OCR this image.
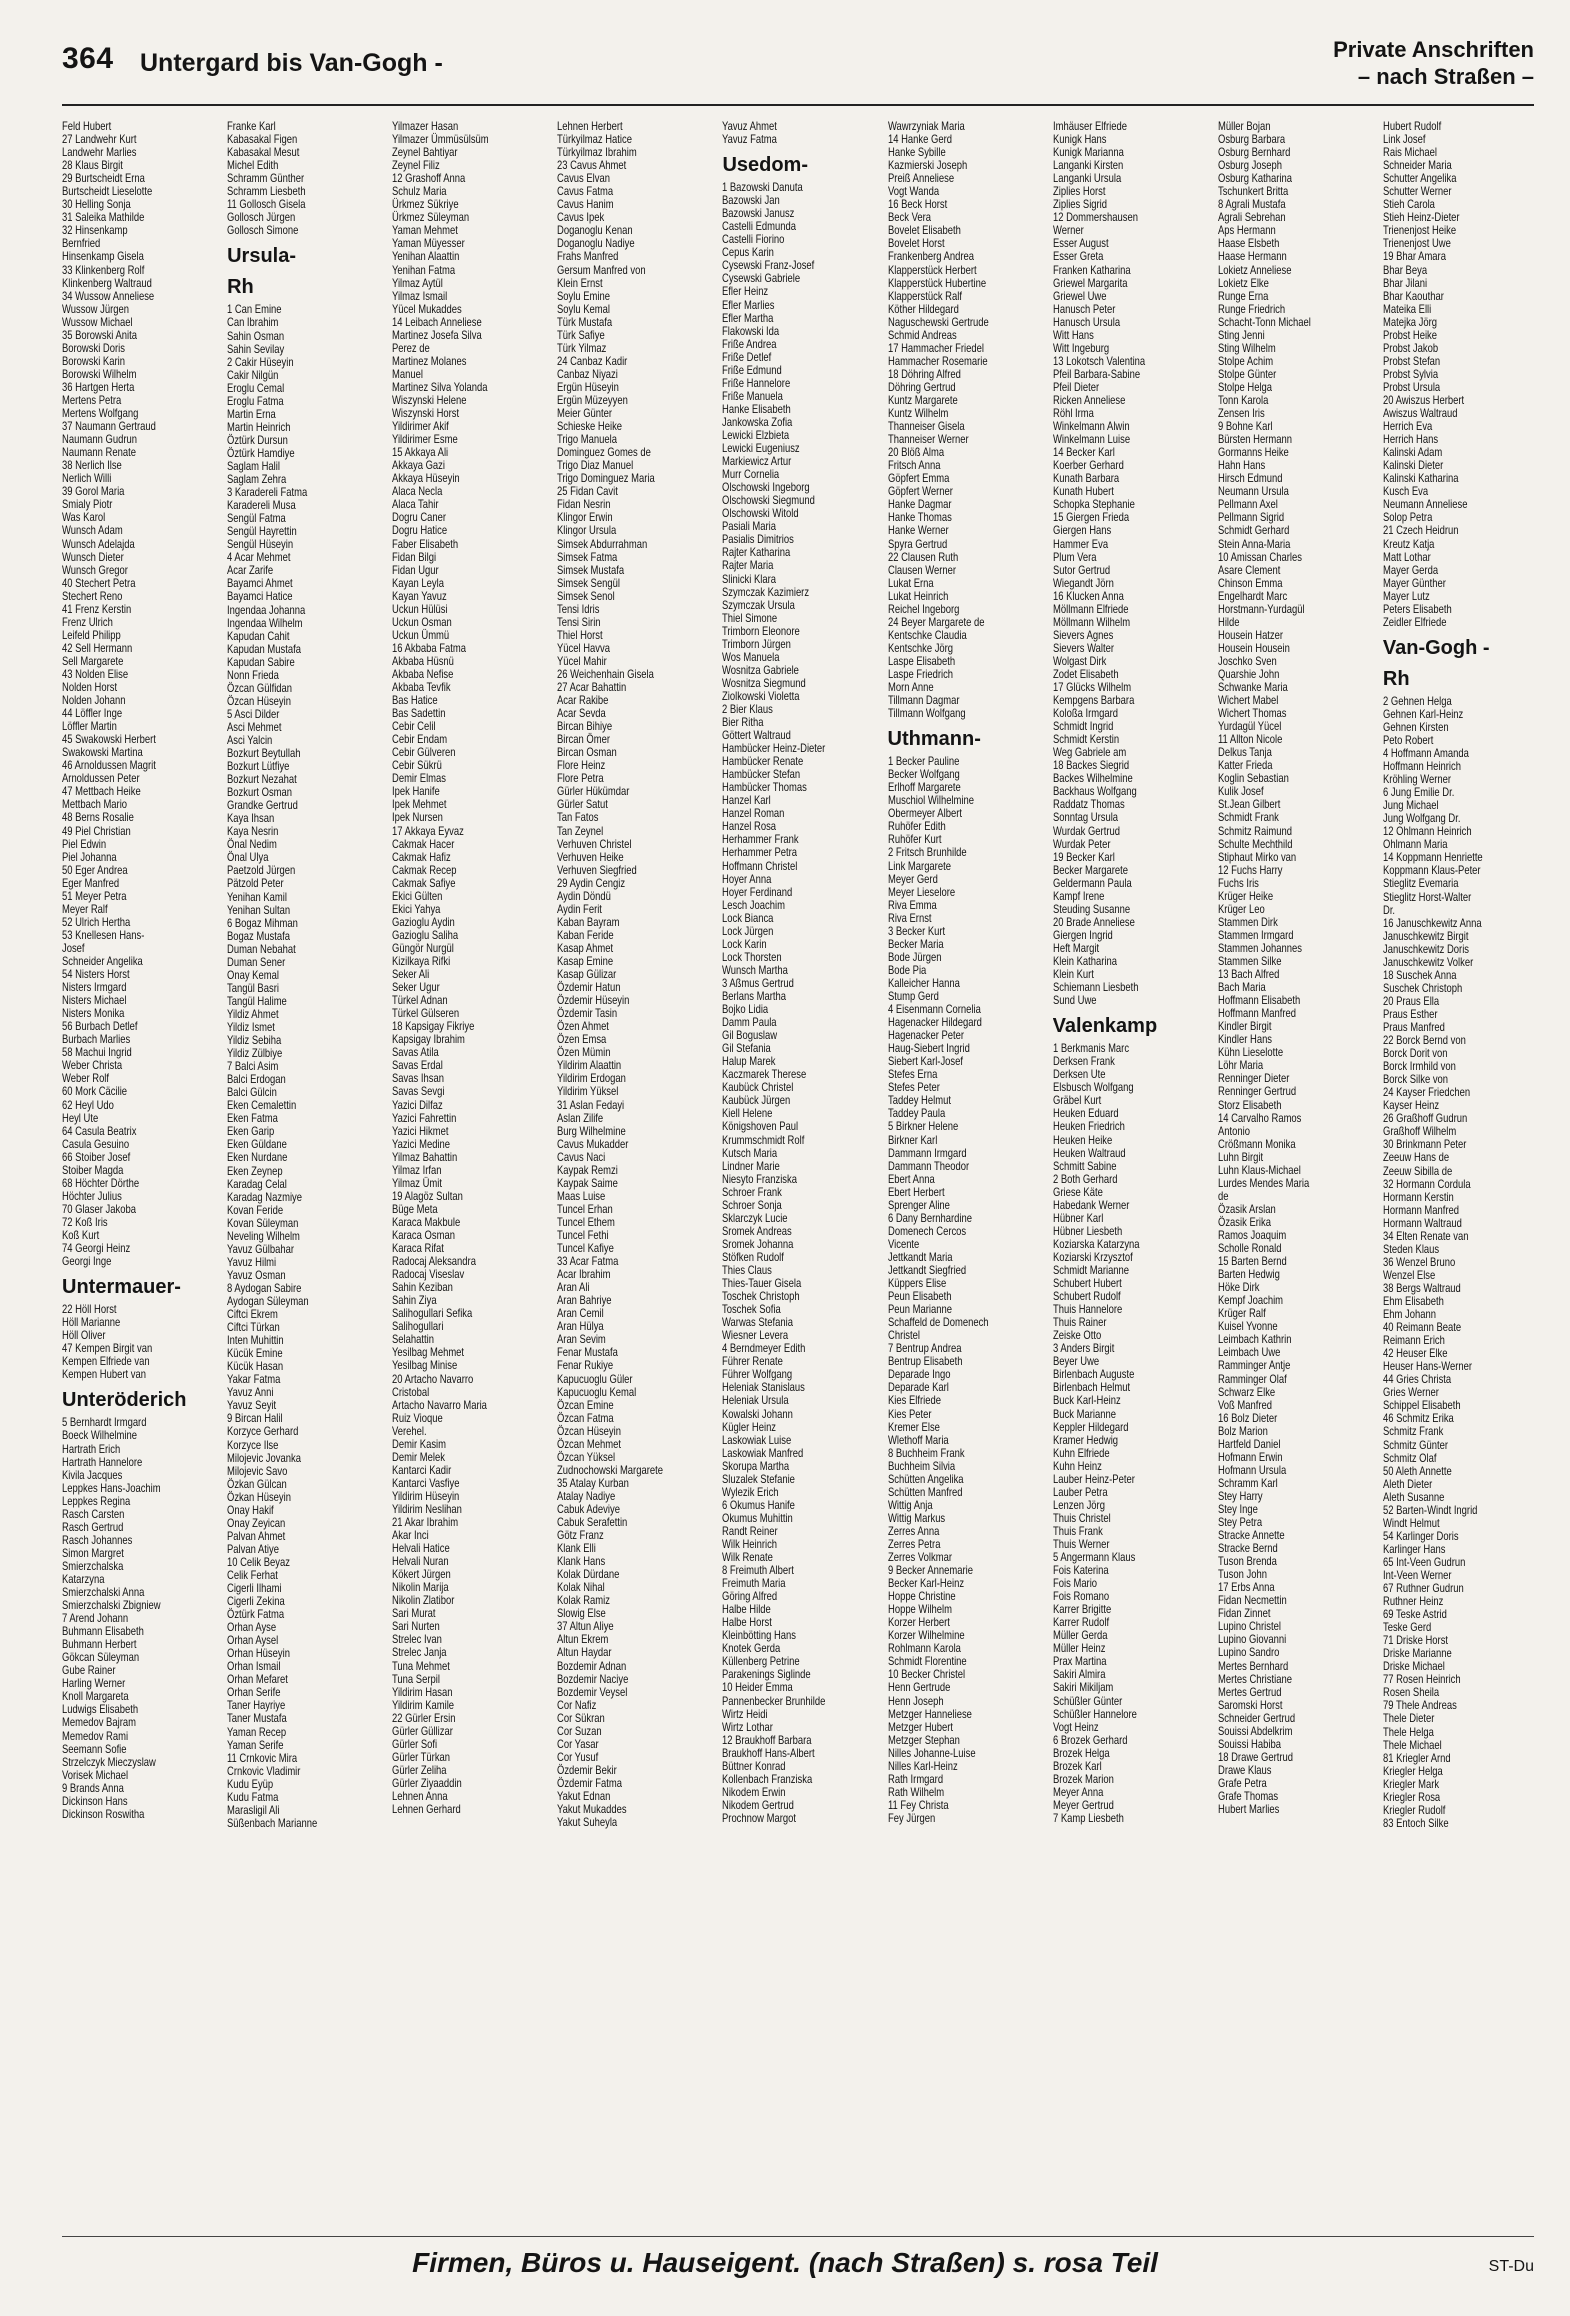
364 Untergard bis Van-Gogh -	Private Anschriften
– nach Straßen –
Feld Hubert
27 Landwehr Kurt
Landwehr Marlies
28 Klaus Birgit
29 Burtscheidt Erna
Burtscheidt Lieselotte
30 Helling Sonja
31 Saleika Mathilde
32 Hinsenkamp
Bernfried
Hinsenkamp Gisela
33 Klinkenberg Rolf
Klinkenberg Waltraud
34 Wussow Anneliese
Wussow Jürgen
Wussow Michael
35 Borowski Anita
Borowski Doris
Borowski Karin
Borowski Wilhelm
36 Hartgen Herta
Mertens Petra
Mertens Wolfgang
37 Naumann Gertraud
Naumann Gudrun
Naumann Renate
38 Nerlich Ilse
Nerlich Willi
39 Gorol Maria
Smialy Piotr
Was Karol
Wunsch Adam
Wunsch Adelajda
Wunsch Dieter
Wunsch Gregor
40 Stechert Petra
Stechert Reno
41 Frenz Kerstin
Frenz Ulrich
Leifeld Philipp
42 Sell Hermann
Sell Margarete
43 Nolden Elise
Nolden Horst
Nolden Johann
44 Löffler Inge
Löffler Martin
45 Swakowski Herbert
Swakowski Martina
46 Arnoldussen Magrit
Arnoldussen Peter
47 Mettbach Heike
Mettbach Mario
48 Berns Rosalie
49 Piel Christian
Piel Edwin
Piel Johanna
50 Eger Andrea
Eger Manfred
51 Meyer Petra
Meyer Ralf
52 Ulrich Hertha
53 Knellesen Hans-
Josef
Schneider Angelika
54 Nisters Horst
Nisters Irmgard
Nisters Michael
Nisters Monika
56 Burbach Detlef
Burbach Marlies
58 Machui Ingrid
Weber Christa
Weber Rolf
60 Mork Cäcilie
62 Heyl Udo
Heyl Ute
64 Casula Beatrix
Casula Gesuino
66 Stoiber Josef
Stoiber Magda
68 Höchter Dörthe
Höchter Julius
70 Glaser Jakoba
72 Koß Iris
Koß Kurt
74 Georgi Heinz
Georgi Inge
Untermauer-
22 Höll Horst
Höll Marianne
Höll Oliver
47 Kempen Birgit van
Kempen Elfriede van
Kempen Hubert van
Unteröderich
5 Bernhardt Irmgard
Boeck Wilhelmine
Hartrath Erich
Hartrath Hannelore
Kivila Jacques
Leppkes Hans-Joachim
Leppkes Regina
Rasch Carsten
Rasch Gertrud
Rasch Johannes
Simon Margret
Smierzchalska
Katarzyna
Smierzchalski Anna
Smierzchalski Zbigniew
7 Arend Johann
Buhmann Elisabeth
Buhmann Herbert
Gökcan Süleyman
Gube Rainer
Harling Werner
Knoll Margareta
Ludwigs Elisabeth
Memedov Bajram
Memedov Rami
Seemann Sofie
Strzelczyk Mieczyslaw
Vorisek Michael
9 Brands Anna
Dickinson Hans
Dickinson Roswitha
Franke Karl
Kabasakal Figen
Kabasakal Mesut
Michel Edith
Schramm Günther
Schramm Liesbeth
11 Gollosch Gisela
Gollosch Jürgen
Gollosch Simone
Ursula-
Rh
1 Can Emine
Can Ibrahim
Sahin Osman
Sahin Sevilay
2 Cakir Hüseyin
Cakir Nilgün
Eroglu Cemal
Eroglu Fatma
Martin Erna
Martin Heinrich
Öztürk Dursun
Öztürk Hamdiye
Saglam Halil
Saglam Zehra
3 Karadereli Fatma
Karadereli Musa
Sengül Fatma
Sengül Hayrettin
Sengül Hüseyin
4 Acar Mehmet
Acar Zarife
Bayamci Ahmet
Bayamci Hatice
Ingendaa Johanna
Ingendaa Wilhelm
Kapudan Cahit
Kapudan Mustafa
Kapudan Sabire
Nonn Frieda
Özcan Gülfidan
Özcan Hüseyin
5 Asci Dilder
Asci Mehmet
Asci Yalcin
Bozkurt Beytullah
Bozkurt Lütfiye
Bozkurt Nezahat
Bozkurt Osman
Grandke Gertrud
Kaya Ihsan
Kaya Nesrin
Önal Nedim
Önal Ulya
Paetzold Jürgen
Pätzold Peter
Yenihan Kamil
Yenihan Sultan
6 Bogaz Mihman
Bogaz Mustafa
Duman Nebahat
Duman Sener
Onay Kemal
Tangül Basri
Tangül Halime
Yildiz Ahmet
Yildiz Ismet
Yildiz Sebiha
Yildiz Zülbiye
7 Balci Asim
Balci Erdogan
Balci Gülcin
Eken Cemalettin
Eken Fatma
Eken Garip
Eken Güldane
Eken Nurdane
Eken Zeynep
Karadag Celal
Karadag Nazmiye
Kovan Feride
Kovan Süleyman
Neveling Wilhelm
Yavuz Gülbahar
Yavuz Hilmi
Yavuz Osman
8 Aydogan Sabire
Aydogan Süleyman
Ciftci Ekrem
Ciftci Türkan
Inten Muhittin
Kücük Emine
Kücük Hasan
Yakar Fatma
Yavuz Anni
Yavuz Seyit
9 Bircan Halil
Korzyce Gerhard
Korzyce Ilse
Milojevic Jovanka
Milojevic Savo
Özkan Gülcan
Özkan Hüseyin
Onay Hakif
Onay Zeyican
Palvan Ahmet
Palvan Atiye
10 Celik Beyaz
Celik Ferhat
Cigerli Ilhami
Cigerli Zekina
Öztürk Fatma
Orhan Ayse
Orhan Aysel
Orhan Hüseyin
Orhan Ismail
Orhan Mefaret
Orhan Serife
Taner Hayriye
Taner Mustafa
Yaman Recep
Yaman Serife
11 Crnkovic Mira
Crnkovic Vladimir
Kudu Eyüp
Kudu Fatma
Marasligil Ali
Süßenbach Marianne
Yilmazer Hasan
Yilmazer Ümmüsülsüm
Zeynel Bahtiyar
Zeynel Filiz
12 Grashoff Anna
Schulz Maria
Ürkmez Sükriye
Ürkmez Süleyman
Yaman Mehmet
Yaman Müyesser
Yenihan Alaattin
Yenihan Fatma
Yilmaz Aytül
Yilmaz Ismail
Yücel Mukaddes
14 Leibach Anneliese
Martinez Josefa Silva
Perez de
Martinez Molanes
Manuel
Martinez Silva Yolanda
Wiszynski Helene
Wiszynski Horst
Yildirimer Akif
Yildirimer Esme
15 Akkaya Ali
Akkaya Gazi
Akkaya Hüseyin
Alaca Necla
Alaca Tahir
Dogru Caner
Dogru Hatice
Faber Elisabeth
Fidan Bilgi
Fidan Ugur
Kayan Leyla
Kayan Yavuz
Uckun Hülüsi
Uckun Osman
Uckun Ümmü
16 Akbaba Fatma
Akbaba Hüsnü
Akbaba Nefise
Akbaba Tevfik
Bas Hatice
Bas Sadettin
Cebir Celil
Cebir Endam
Cebir Gülveren
Cebir Sükrü
Demir Elmas
Ipek Hanife
Ipek Mehmet
Ipek Nursen
17 Akkaya Eyvaz
Cakmak Hacer
Cakmak Hafiz
Cakmak Recep
Cakmak Safiye
Ekici Gülten
Ekici Yahya
Gazioglu Aydin
Gazioglu Saliha
Güngör Nurgül
Kizilkaya Rifki
Seker Ali
Seker Ugur
Türkel Adnan
Türkel Gülseren
18 Kapsigay Fikriye
Kapsigay Ibrahim
Savas Atila
Savas Erdal
Savas Ihsan
Savas Sevgi
Yazici Dilfaz
Yazici Fahrettin
Yazici Hikmet
Yazici Medine
Yilmaz Bahattin
Yilmaz Irfan
Yilmaz Ümit
19 Alagöz Sultan
Büge Meta
Karaca Makbule
Karaca Osman
Karaca Rifat
Radocaj Aleksandra
Radocaj Viseslav
Sahin Keziban
Sahin Ziya
Salihogullari Sefika
Salihogullari
Selahattin
Yesilbag Mehmet
Yesilbag Minise
20 Artacho Navarro
Cristobal
Artacho Navarro Maria
Ruiz Vioque
Verehel.
Demir Kasim
Demir Melek
Kantarci Kadir
Kantarci Vasfiye
Yildirim Hüseyin
Yildirim Neslihan
21 Akar Ibrahim
Akar Inci
Helvali Hatice
Helvali Nuran
Kökert Jürgen
Nikolin Marija
Nikolin Zlatibor
Sari Murat
Sari Nurten
Strelec Ivan
Strelec Janja
Tuna Mehmet
Tuna Serpil
Yildirim Hasan
Yildirim Kamile
22 Gürler Ersin
Gürler Güllizar
Gürler Sofi
Gürler Türkan
Gürler Zeliha
Gürler Ziyaaddin
Lehnen Anna
Lehnen Gerhard
Lehnen Herbert
Türkyilmaz Hatice
Türkyilmaz Ibrahim
23 Cavus Ahmet
Cavus Elvan
Cavus Fatma
Cavus Hanim
Cavus Ipek
Doganoglu Kenan
Doganoglu Nadiye
Frahs Manfred
Gersum Manfred von
Klein Ernst
Soylu Emine
Soylu Kemal
Türk Mustafa
Türk Safiye
Türk Yilmaz
24 Canbaz Kadir
Canbaz Niyazi
Ergün Hüseyin
Ergün Müzeyyen
Meier Günter
Schieske Heike
Trigo Manuela
Dominguez Gomes de
Trigo Diaz Manuel
Trigo Dominguez Maria
25 Fidan Cavit
Fidan Nesrin
Klingor Erwin
Klingor Ursula
Simsek Abdurrahman
Simsek Fatma
Simsek Mustafa
Simsek Sengül
Simsek Senol
Tensi Idris
Tensi Sirin
Thiel Horst
Yücel Havva
Yücel Mahir
26 Weichenhain Gisela
27 Acar Bahattin
Acar Rakibe
Acar Sevda
Bircan Bihiye
Bircan Ömer
Bircan Osman
Flore Heinz
Flore Petra
Gürler Hükümdar
Gürler Satut
Tan Fatos
Tan Zeynel
Verhuven Christel
Verhuven Heike
Verhuven Siegfried
29 Aydin Cengiz
Aydin Döndü
Aydin Ferit
Kaban Bayram
Kaban Feride
Kasap Ahmet
Kasap Emine
Kasap Gülizar
Özdemir Hatun
Özdemir Hüseyin
Özdemir Tasin
Özen Ahmet
Özen Emsa
Özen Mümin
Yildirim Alaattin
Yildirim Erdogan
Yildirim Yüksel
31 Aslan Fedayi
Aslan Zilife
Burg Wilhelmine
Cavus Mukadder
Cavus Naci
Kaypak Remzi
Kaypak Saime
Maas Luise
Tuncel Erhan
Tuncel Ethem
Tuncel Fethi
Tuncel Kafiye
33 Acar Fatma
Acar Ibrahim
Aran Ali
Aran Bahriye
Aran Cemil
Aran Hülya
Aran Sevim
Fenar Mustafa
Fenar Rukiye
Kapucuoglu Güler
Kapucuoglu Kemal
Özcan Emine
Özcan Fatma
Özcan Hüseyin
Özcan Mehmet
Özcan Yüksel
Zudnochowski Margarete
35 Atalay Kurban
Atalay Nadiye
Cabuk Adeviye
Cabuk Serafettin
Götz Franz
Klank Elli
Klank Hans
Kolak Dürdane
Kolak Nihal
Kolak Ramiz
Slowig Else
37 Altun Aliye
Altun Ekrem
Altun Haydar
Bozdemir Adnan
Bozdemir Naciye
Bozdemir Veysel
Cor Nafiz
Cor Sükran
Cor Suzan
Cor Yasar
Cor Yusuf
Özdemir Bekir
Özdemir Fatma
Yakut Ednan
Yakut Mukaddes
Yakut Suheyla
Yavuz Ahmet
Yavuz Fatma
Usedom-
1 Bazowski Danuta
Bazowski Jan
Bazowski Janusz
Castelli Edmunda
Castelli Fiorino
Cepus Karin
Cysewski Franz-Josef
Cysewski Gabriele
Efler Heinz
Efler Marlies
Efler Martha
Flakowski Ida
Friße Andrea
Friße Detlef
Friße Edmund
Friße Hannelore
Friße Manuela
Hanke Elisabeth
Jankowska Zofia
Lewicki Elzbieta
Lewicki Eugeniusz
Markiewicz Artur
Murr Cornelia
Olschowski Ingeborg
Olschowski Siegmund
Olschowski Witold
Pasiali Maria
Pasialis Dimitrios
Rajter Katharina
Rajter Maria
Slinicki Klara
Szymczak Kazimierz
Szymczak Ursula
Thiel Simone
Trimborn Eleonore
Trimborn Jürgen
Wos Manuela
Wosnitza Gabriele
Wosnitza Siegmund
Ziolkowski Violetta
2 Bier Klaus
Bier Ritha
Göttert Waltraud
Hambücker Heinz-Dieter
Hambücker Renate
Hambücker Stefan
Hambücker Thomas
Hanzel Karl
Hanzel Roman
Hanzel Rosa
Herhammer Frank
Herhammer Petra
Hoffmann Christel
Hoyer Anna
Hoyer Ferdinand
Lesch Joachim
Lock Bianca
Lock Jürgen
Lock Karin
Lock Thorsten
Wunsch Martha
3 Aßmus Gertrud
Berlans Martha
Bojko Lidia
Damm Paula
Gil Boguslaw
Gil Stefania
Halup Marek
Kaczmarek Therese
Kaubück Christel
Kaubück Jürgen
Kiell Helene
Königshoven Paul
Krummschmidt Rolf
Kutsch Maria
Lindner Marie
Niesyto Franziska
Schroer Frank
Schroer Sonja
Sklarczyk Lucie
Sromek Andreas
Sromek Johanna
Stöfken Rudolf
Thies Claus
Thies-Tauer Gisela
Toschek Christoph
Toschek Sofia
Warwas Stefania
Wiesner Levera
4 Berndmeyer Edith
Führer Renate
Führer Wolfgang
Heleniak Stanislaus
Heleniak Ursula
Kowalski Johann
Kügler Heinz
Laskowiak Luise
Laskowiak Manfred
Skorupa Martha
Sluzalek Stefanie
Wylezik Erich
6 Okumus Hanife
Okumus Muhittin
Randt Reiner
Wilk Heinrich
Wilk Renate
8 Freimuth Albert
Freimuth Maria
Göring Alfred
Halbe Hilde
Halbe Horst
Kleinbötting Hans
Knotek Gerda
Küllenberg Petrine
Parakenings Siglinde
10 Heider Emma
Pannenbecker Brunhilde
Wirtz Heidi
Wirtz Lothar
12 Braukhoff Barbara
Braukhoff Hans-Albert
Büttner Konrad
Kollenbach Franziska
Nikodem Erwin
Nikodem Gertrud
Prochnow Margot
Wawrzyniak Maria
14 Hanke Gerd
Hanke Sybille
Kazmierski Joseph
Preiß Anneliese
Vogt Wanda
16 Beck Horst
Beck Vera
Bovelet Elisabeth
Bovelet Horst
Frankenberg Andrea
Klapperstück Herbert
Klapperstück Hubertine
Klapperstück Ralf
Köther Hildegard
Naguschewski Gertrude
Schmid Andreas
17 Hammacher Friedel
Hammacher Rosemarie
18 Döhring Alfred
Döhring Gertrud
Kuntz Margarete
Kuntz Wilhelm
Thanneiser Gisela
Thanneiser Werner
20 Blöß Alma
Fritsch Anna
Göpfert Emma
Göpfert Werner
Hanke Dagmar
Hanke Thomas
Hanke Werner
Spyra Gertrud
22 Clausen Ruth
Clausen Werner
Lukat Erna
Lukat Heinrich
Reichel Ingeborg
24 Beyer Margarete de
Kentschke Claudia
Kentschke Jörg
Laspe Elisabeth
Laspe Friedrich
Morn Anne
Tillmann Dagmar
Tillmann Wolfgang
Uthmann-
1 Becker Pauline
Becker Wolfgang
Erlhoff Margarete
Muschiol Wilhelmine
Obermeyer Albert
Ruhöfer Edith
Ruhöfer Kurt
2 Fritsch Brunhilde
Link Margarete
Meyer Gerd
Meyer Lieselore
Riva Emma
Riva Ernst
3 Becker Kurt
Becker Maria
Bode Jürgen
Bode Pia
Kalleicher Hanna
Stump Gerd
4 Eisenmann Cornelia
Hagenacker Hildegard
Hagenacker Peter
Haug-Siebert Ingrid
Siebert Karl-Josef
Stefes Erna
Stefes Peter
Taddey Helmut
Taddey Paula
5 Birkner Helene
Birkner Karl
Dammann Irmgard
Dammann Theodor
Ebert Anna
Ebert Herbert
Sprenger Aline
6 Dany Bernhardine
Domenech Cercos
Vicente
Jettkandt Maria
Jettkandt Siegfried
Küppers Elise
Peun Elisabeth
Peun Marianne
Schaffeld de Domenech
Christel
7 Bentrup Andrea
Bentrup Elisabeth
Deparade Ingo
Deparade Karl
Kies Elfriede
Kies Peter
Kremer Else
Wlethoff Maria
8 Buchheim Frank
Buchheim Silvia
Schütten Angelika
Schütten Manfred
Wittig Anja
Wittig Markus
Zerres Anna
Zerres Petra
Zerres Volkmar
9 Becker Annemarie
Becker Karl-Heinz
Hoppe Christine
Hoppe Wilhelm
Korzer Herbert
Korzer Wilhelmine
Rohlmann Karola
Schmidt Florentine
10 Becker Christel
Henn Gertrude
Henn Joseph
Metzger Hanneliese
Metzger Hubert
Metzger Stephan
Nilles Johanne-Luise
Nilles Karl-Heinz
Rath Irmgard
Rath Wilhelm
11 Fey Christa
Fey Jürgen
Imhäuser Elfriede
Kunigk Hans
Kunigk Marianna
Langanki Kirsten
Langanki Ursula
Ziplies Horst
Ziplies Sigrid
12 Dommershausen
Werner
Esser August
Esser Greta
Franken Katharina
Griewel Margarita
Griewel Uwe
Hanusch Peter
Hanusch Ursula
Witt Hans
Witt Ingeburg
13 Lokotsch Valentina
Pfeil Barbara-Sabine
Pfeil Dieter
Ricken Anneliese
Röhl Irma
Winkelmann Alwin
Winkelmann Luise
14 Becker Karl
Koerber Gerhard
Kunath Barbara
Kunath Hubert
Schopka Stephanie
15 Giergen Frieda
Giergen Hans
Hammer Eva
Plum Vera
Sutor Gertrud
Wiegandt Jörn
16 Klucken Anna
Möllmann Elfriede
Möllmann Wilhelm
Sievers Agnes
Sievers Walter
Wolgast Dirk
Zodet Elisabeth
17 Glücks Wilhelm
Kempgens Barbara
Koloßa Irmgard
Schmidt Ingrid
Schmidt Kerstin
Weg Gabriele am
18 Backes Siegrid
Backes Wilhelmine
Backhaus Wolfgang
Raddatz Thomas
Sonntag Ursula
Wurdak Gertrud
Wurdak Peter
19 Becker Karl
Becker Margarete
Geldermann Paula
Kampf Irene
Steuding Susanne
20 Brade Anneliese
Giergen Ingrid
Heft Margit
Klein Katharina
Klein Kurt
Schiemann Liesbeth
Sund Uwe
Valenkamp
1 Berkmanis Marc
Derksen Frank
Derksen Ute
Elsbusch Wolfgang
Gräbel Kurt
Heuken Eduard
Heuken Friedrich
Heuken Heike
Heuken Waltraud
Schmitt Sabine
2 Both Gerhard
Griese Käte
Habedank Werner
Hübner Karl
Hübner Liesbeth
Koziarska Katarzyna
Koziarski Krzysztof
Schmidt Marianne
Schubert Hubert
Schubert Rudolf
Thuis Hannelore
Thuis Rainer
Zeiske Otto
3 Anders Birgit
Beyer Uwe
Birlenbach Auguste
Birlenbach Helmut
Buck Karl-Heinz
Buck Marianne
Keppler Hildegard
Kramer Hedwig
Kuhn Elfriede
Kuhn Heinz
Lauber Heinz-Peter
Lauber Petra
Lenzen Jörg
Thuis Christel
Thuis Frank
Thuis Werner
5 Angermann Klaus
Fois Katerina
Fois Mario
Fois Romano
Karrer Brigitte
Karrer Rudolf
Müller Gerda
Müller Heinz
Prax Martina
Sakiri Almira
Sakiri Mikiljam
Schüßler Günter
Schüßler Hannelore
Vogt Heinz
6 Brozek Gerhard
Brozek Helga
Brozek Karl
Brozek Marion
Meyer Anna
Meyer Gertrud
7 Kamp Liesbeth
Müller Bojan
Osburg Barbara
Osburg Bernhard
Osburg Joseph
Osburg Katharina
Tschunkert Britta
8 Agrali Mustafa
Agrali Sebrehan
Aps Hermann
Haase Elsbeth
Haase Hermann
Lokietz Anneliese
Lokietz Elke
Runge Erna
Runge Friedrich
Schacht-Tonn Michael
Sting Jenni
Sting Wilhelm
Stolpe Achim
Stolpe Günter
Stolpe Helga
Tonn Karola
Zensen Iris
9 Bohne Karl
Bürsten Hermann
Gormanns Heike
Hahn Hans
Hirsch Edmund
Neumann Ursula
Pellmann Axel
Pellmann Sigrid
Schmidt Gerhard
Stein Anna-Maria
10 Amissan Charles
Asare Clement
Chinson Emma
Engelhardt Marc
Horstmann-Yurdagül
Hilde
Housein Hatzer
Housein Housein
Joschko Sven
Quarshie John
Schwanke Maria
Wichert Mabel
Wichert Thomas
Yurdagül Yücel
11 Allton Nicole
Delkus Tanja
Katter Frieda
Koglin Sebastian
Kulik Josef
St.Jean Gilbert
Schmidt Frank
Schmitz Raimund
Schulte Mechthild
Stiphaut Mirko van
12 Fuchs Harry
Fuchs Iris
Krüger Heike
Krüger Leo
Stammen Dirk
Stammen Irmgard
Stammen Johannes
Stammen Silke
13 Bach Alfred
Bach Maria
Hoffmann Elisabeth
Hoffmann Manfred
Kindler Birgit
Kindler Hans
Kühn Lieselotte
Löhr Maria
Renninger Dieter
Renninger Gertrud
Storz Elisabeth
14 Carvalho Ramos
Antonio
Crößmann Monika
Luhn Birgit
Luhn Klaus-Michael
Lurdes Mendes Maria
de
Özasik Arslan
Özasik Erika
Ramos Joaquim
Scholle Ronald
15 Barten Bernd
Barten Hedwig
Höke Dirk
Kempf Joachim
Krüger Ralf
Kuisel Yvonne
Leimbach Kathrin
Leimbach Uwe
Ramminger Antje
Ramminger Olaf
Schwarz Elke
Voß Manfred
16 Bolz Dieter
Bolz Marion
Hartfeld Daniel
Hofmann Erwin
Hofmann Ursula
Schramm Karl
Stey Harry
Stey Inge
Stey Petra
Stracke Annette
Stracke Bernd
Tuson Brenda
Tuson John
17 Erbs Anna
Fidan Necmettin
Fidan Zinnet
Lupino Christel
Lupino Giovanni
Lupino Sandro
Mertes Bernhard
Mertes Christiane
Mertes Gertrud
Saromski Horst
Schneider Gertrud
Souissi Abdelkrim
Souissi Habiba
18 Drawe Gertrud
Drawe Klaus
Grafe Petra
Grafe Thomas
Hubert Marlies
Hubert Rudolf
Link Josef
Rais Michael
Schneider Maria
Schutter Angelika
Schutter Werner
Stieh Carola
Stieh Heinz-Dieter
Trienenjost Heike
Trienenjost Uwe
19 Bhar Amara
Bhar Beya
Bhar Jilani
Bhar Kaouthar
Mateika Elli
Matejka Jörg
Probst Heike
Probst Jakob
Probst Stefan
Probst Sylvia
Probst Ursula
20 Awiszus Herbert
Awiszus Waltraud
Herrich Eva
Herrich Hans
Kalinski Adam
Kalinski Dieter
Kalinski Katharina
Kusch Eva
Neumann Anneliese
Solop Petra
21 Czech Heidrun
Kreutz Katja
Matt Lothar
Mayer Gerda
Mayer Günther
Mayer Lutz
Peters Elisabeth
Zeidler Elfriede
Van-Gogh -
Rh
2 Gehnen Helga
Gehnen Karl-Heinz
Gehnen Kirsten
Peto Robert
4 Hoffmann Amanda
Hoffmann Heinrich
Kröhling Werner
6 Jung Emilie Dr.
Jung Michael
Jung Wolfgang Dr.
12 Ohlmann Heinrich
Ohlmann Maria
14 Koppmann Henriette
Koppmann Klaus-Peter
Stieglitz Evemaria
Stieglitz Horst-Walter
Dr.
16 Januschkewitz Anna
Januschkewitz Birgit
Januschkewitz Doris
Januschkewitz Volker
18 Suschek Anna
Suschek Christoph
20 Praus Ella
Praus Esther
Praus Manfred
22 Borck Bernd von
Borck Dorit von
Borck Irmhild von
Borck Silke von
24 Kayser Friedchen
Kayser Heinz
26 Graßhoff Gudrun
Graßhoff Wilhelm
30 Brinkmann Peter
Zeeuw Hans de
Zeeuw Sibilla de
32 Hormann Cordula
Hormann Kerstin
Hormann Manfred
Hormann Waltraud
34 Elten Renate van
Steden Klaus
36 Wenzel Bruno
Wenzel Else
38 Bergs Waltraud
Ehm Elisabeth
Ehm Johann
40 Reimann Beate
Reimann Erich
42 Heuser Elke
Heuser Hans-Werner
44 Gries Christa
Gries Werner
Schippel Elisabeth
46 Schmitz Erika
Schmitz Frank
Schmitz Günter
Schmitz Olaf
50 Aleth Annette
Aleth Dieter
Aleth Susanne
52 Barten-Windt Ingrid
Windt Helmut
54 Karlinger Doris
Karlinger Hans
65 Int-Veen Gudrun
Int-Veen Werner
67 Ruthner Gudrun
Ruthner Heinz
69 Teske Astrid
Teske Gerd
71 Driske Horst
Driske Marianne
Driske Michael
77 Rosen Heinrich
Rosen Sheila
79 Thele Andreas
Thele Dieter
Thele Helga
Thele Michael
81 Kriegler Arnd
Kriegler Helga
Kriegler Mark
Kriegler Rosa
Kriegler Rudolf
83 Entoch Silke
Firmen, Büros u. Hauseigent. (nach Straßen) s. rosa Teil	ST-Du
